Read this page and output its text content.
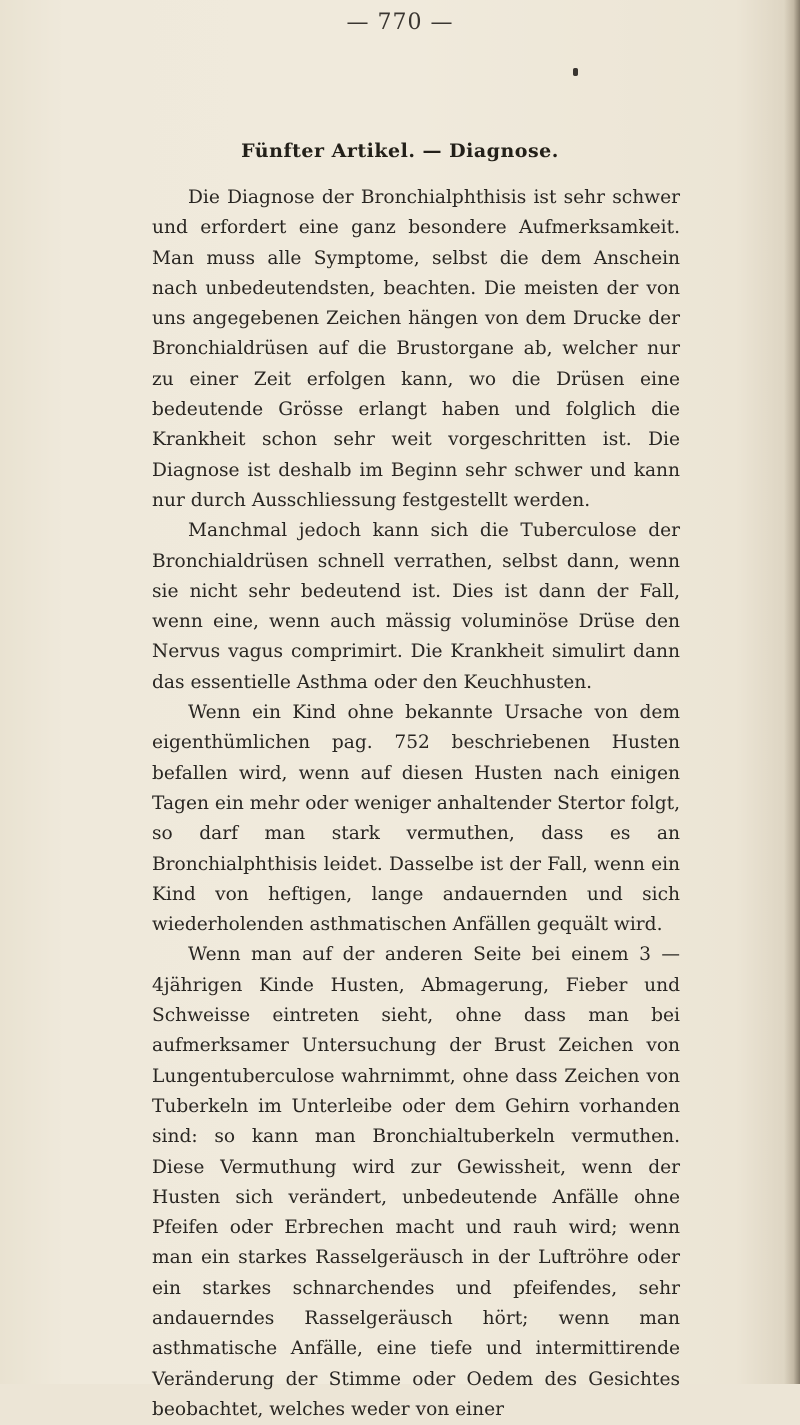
— 770 —
Fünfter Artikel. — Diagnose.

Die Diagnose der Bronchialphthisis ist sehr schwer und erfordert eine ganz besondere Aufmerksamkeit. Man muss alle Symptome, selbst die dem Anschein nach unbedeutendsten, beachten. Die meisten der von uns angegebenen Zeichen hängen von dem Drucke der Bronchialdrüsen auf die Brustorgane ab, welcher nur zu einer Zeit erfolgen kann, wo die Drüsen eine bedeutende Grösse erlangt haben und folglich die Krankheit schon sehr weit vorgeschritten ist. Die Diagnose ist deshalb im Beginn sehr schwer und kann nur durch Ausschliessung festgestellt werden.

Manchmal jedoch kann sich die Tuberculose der Bronchialdrüsen schnell verrathen, selbst dann, wenn sie nicht sehr bedeutend ist. Dies ist dann der Fall, wenn eine, wenn auch mässig voluminöse Drüse den Nervus vagus comprimirt. Die Krankheit simulirt dann das essentielle Asthma oder den Keuchhusten.

Wenn ein Kind ohne bekannte Ursache von dem eigenthümlichen pag. 752 beschriebenen Husten befallen wird, wenn auf diesen Husten nach einigen Tagen ein mehr oder weniger anhaltender Stertor folgt, so darf man stark vermuthen, dass es an Bronchialphthisis leidet. Dasselbe ist der Fall, wenn ein Kind von heftigen, lange andauernden und sich wiederholenden asthmatischen Anfällen gequält wird.

Wenn man auf der anderen Seite bei einem 3 — 4jährigen Kinde Husten, Abmagerung, Fieber und Schweisse eintreten sieht, ohne dass man bei aufmerksamer Untersuchung der Brust Zeichen von Lungentuberculose wahrnimmt, ohne dass Zeichen von Tuberkeln im Unterleibe oder dem Gehirn vorhanden sind: so kann man Bronchialtuberkeln vermuthen. Diese Vermuthung wird zur Gewissheit, wenn der Husten sich verändert, unbedeutende Anfälle ohne Pfeifen oder Erbrechen macht und rauh wird; wenn man ein starkes Rasselgeräusch in der Luftröhre oder ein starkes schnarchendes und pfeifendes, sehr andauerndes Rasselgeräusch hört; wenn man asthmatische Anfälle, eine tiefe und intermittirende Veränderung der Stimme oder Oedem des Gesichtes beobachtet, welches weder von einer
